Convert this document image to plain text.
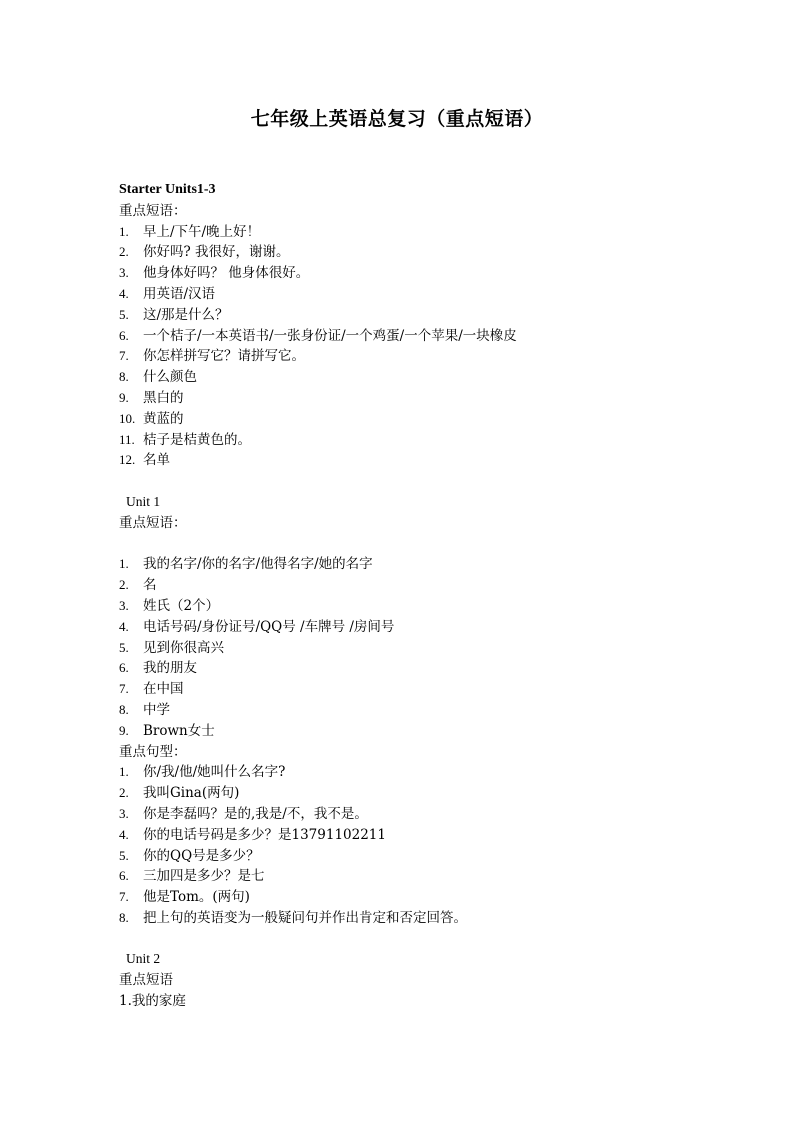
七年级上英语总复习（重点短语）
Starter Units1-3
重点短语：
1.	早上/下午/晚上好！
2.	你好吗? 我很好，谢谢。
3.	他身体好吗？ 他身体很好。
4.	用英语/汉语
5.	这/那是什么？
6.	一个桔子/一本英语书/一张身份证/一个鸡蛋/一个苹果/一块橡皮
7.	你怎样拼写它？请拼写它。
8.	什么颜色
9.	黑白的
10. 黄蓝的
11. 桔子是桔黄色的。
12. 名单
Unit 1
重点短语：
1.	我的名字/你的名字/他得名字/她的名字
2.	名
3.	姓氏（2个）
4.	电话号码/身份证号/QQ号 /车牌号 /房间号
5.	见到你很高兴
6.	我的朋友
7.	在中国
8.	中学
9.	Brown女士
重点句型：
1.	你/我/他/她叫什么名字?
2.	我叫Gina(两句)
3.	你是李磊吗？是的,我是/不，我不是。
4.	你的电话号码是多少？是13791102211
5.	你的QQ号是多少？
6.	三加四是多少？是七
7.	他是Tom。(两句)
8.	把上句的英语变为一般疑问句并作出肯定和否定回答。
Unit 2
重点短语
1.我的家庭
